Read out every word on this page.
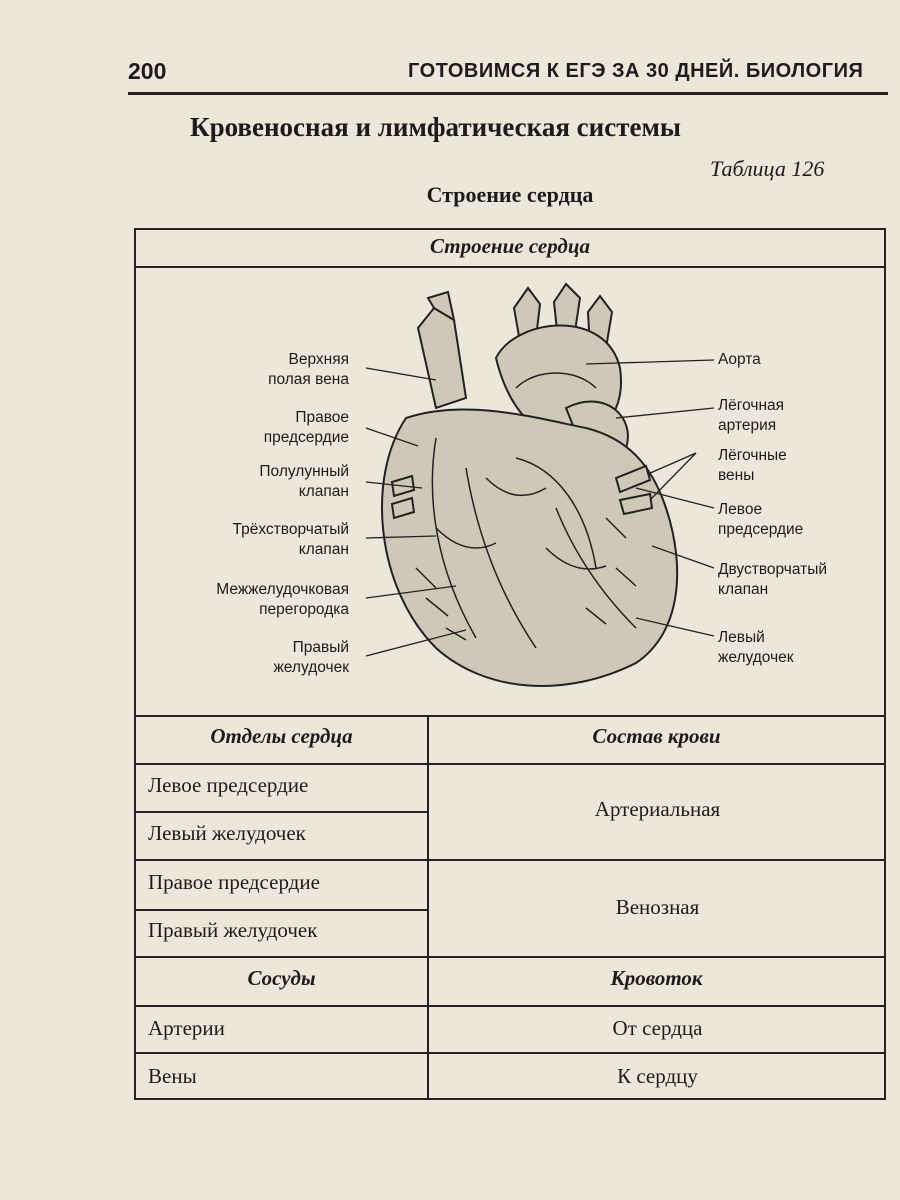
200	ГОТОВИМСЯ К ЕГЭ ЗА 30 ДНЕЙ. БИОЛОГИЯ
Кровеносная и лимфатическая системы
Таблица 126
Строение сердца
Строение сердца
Верхняя
полая вена
Правое
предсердие
Полулунный
клапан
Трёхстворчатый
клапан
Межжелудочковая
перегородка
Правый
желудочек
Аорта
Лёгочная
артерия
Лёгочные
вены
Левое
предсердие
Двустворчатый
клапан
Левый
желудочек
Отделы сердца	Состав крови
Левое предсердие
Левый желудочек
Артериальная
Правое предсердие
Правый желудочек
Венозная
Сосуды	Кровоток
Артерии	От сердца
Вены	К сердцу
